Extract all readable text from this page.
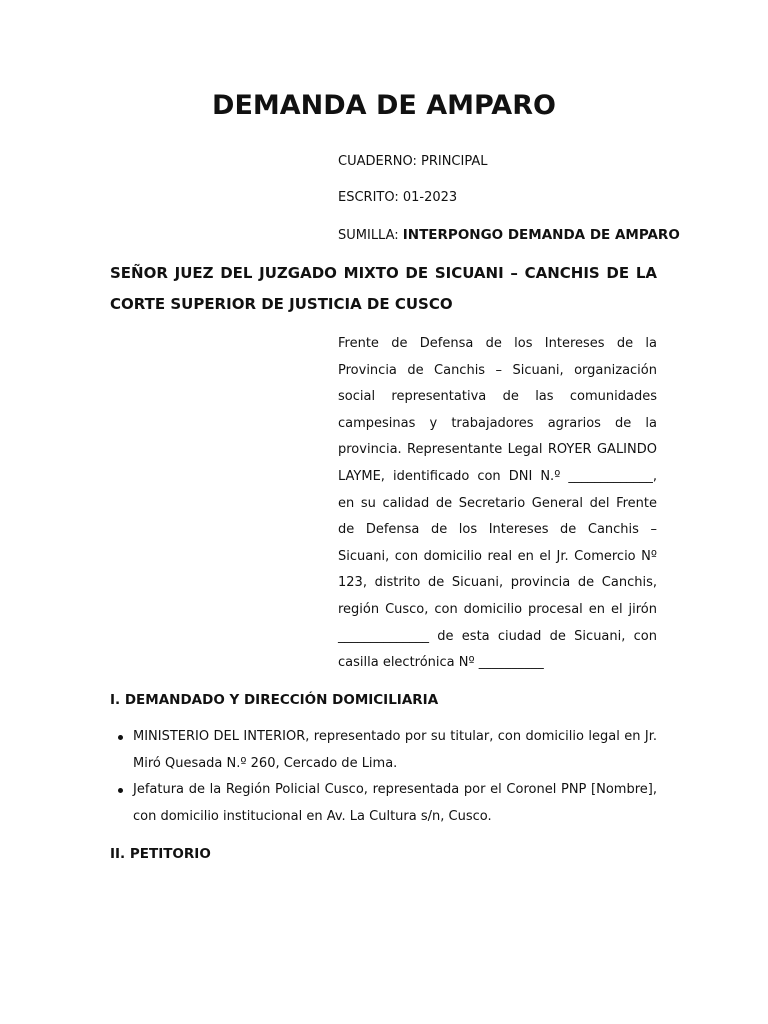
DEMANDA DE AMPARO
CUADERNO: PRINCIPAL
ESCRITO: 01-2023
SUMILLA: INTERPONGO DEMANDA DE AMPARO
SEÑOR JUEZ DEL JUZGADO MIXTO DE SICUANI – CANCHIS DE LA CORTE SUPERIOR DE JUSTICIA DE CUSCO
Frente de Defensa de los Intereses de la Provincia de Canchis – Sicuani, organización social representativa de las comunidades campesinas y trabajadores agrarios de la provincia. Representante Legal ROYER GALINDO LAYME, identificado con DNI N.º _____________, en su calidad de Secretario General del Frente de Defensa de los Intereses de Canchis – Sicuani, con domicilio real en el Jr. Comercio Nº 123, distrito de Sicuani, provincia de Canchis, región Cusco, con domicilio procesal en el jirón ______________ de esta ciudad de Sicuani, con casilla electrónica Nº __________
I. DEMANDADO Y DIRECCIÓN DOMICILIARIA
MINISTERIO DEL INTERIOR, representado por su titular, con domicilio legal en Jr. Miró Quesada N.º 260, Cercado de Lima.
Jefatura de la Región Policial Cusco, representada por el Coronel PNP [Nombre], con domicilio institucional en Av. La Cultura s/n, Cusco.
II. PETITORIO
